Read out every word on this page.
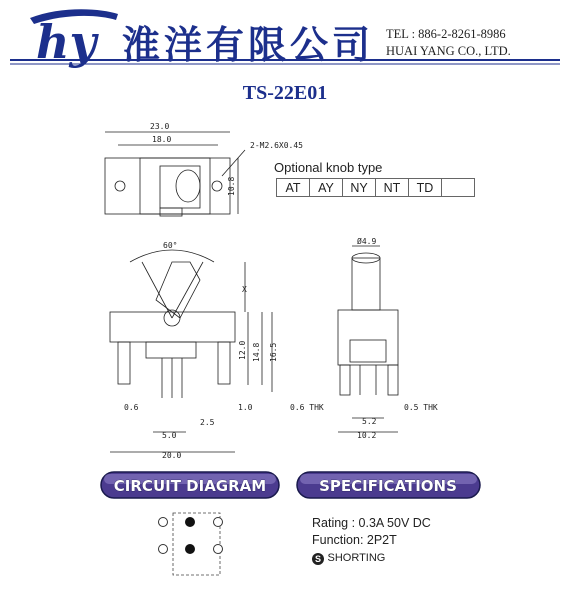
hy 淮洋有限公司 TEL : 886-2-8261-8986
HUAI YANG CO., LTD.
TS-22E01
Optional knob type
AT	AY	NY	NT	TD	
23.0
18.0
2-M2.6X0.45
10.8
60°
X
12.0 14.8 16.5
0.6
2.5
1.0
5.0
20.0
Ø4.9
0.6 THK	0.5 THK
5.2
10.2
CIRCUIT DIAGRAM	SPECIFICATIONS
Rating : 0.3A 50V DC
Function: 2P2T
S SHORTING
